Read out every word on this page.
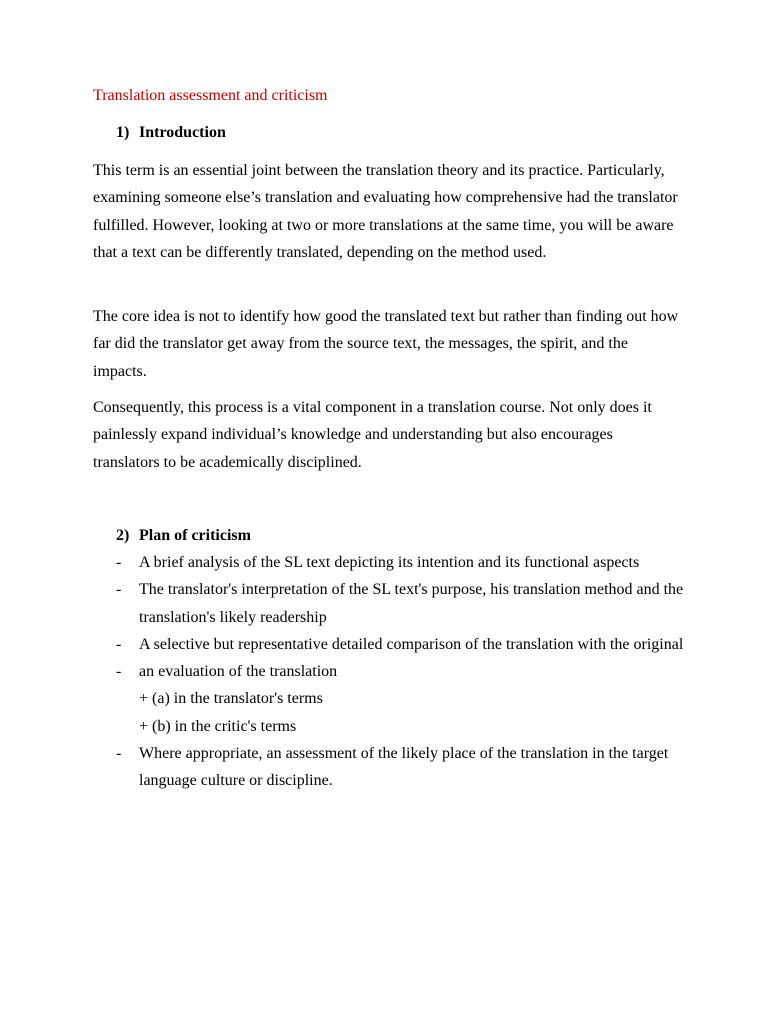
Translation assessment and criticism
1) Introduction

This term is an essential joint between the translation theory and its practice. Particularly, examining someone else’s translation and evaluating how comprehensive had the translator fulfilled. However, looking at two or more translations at the same time, you will be aware that a text can be differently translated, depending on the method used.

The core idea is not to identify how good the translated text but rather than finding out how far did the translator get away from the source text, the messages, the spirit, and the impacts.

Consequently, this process is a vital component in a translation course. Not only does it painlessly expand individual’s knowledge and understanding but also encourages translators to be academically disciplined.

2) Plan of criticism
- A brief analysis of the SL text depicting its intention and its functional aspects
- The translator's interpretation of the SL text's purpose, his translation method and the translation's likely readership
- A selective but representative detailed comparison of the translation with the original
- an evaluation of the translation
+ (a) in the translator's terms
+ (b) in the critic's terms
- Where appropriate, an assessment of the likely place of the translation in the target language culture or discipline.
